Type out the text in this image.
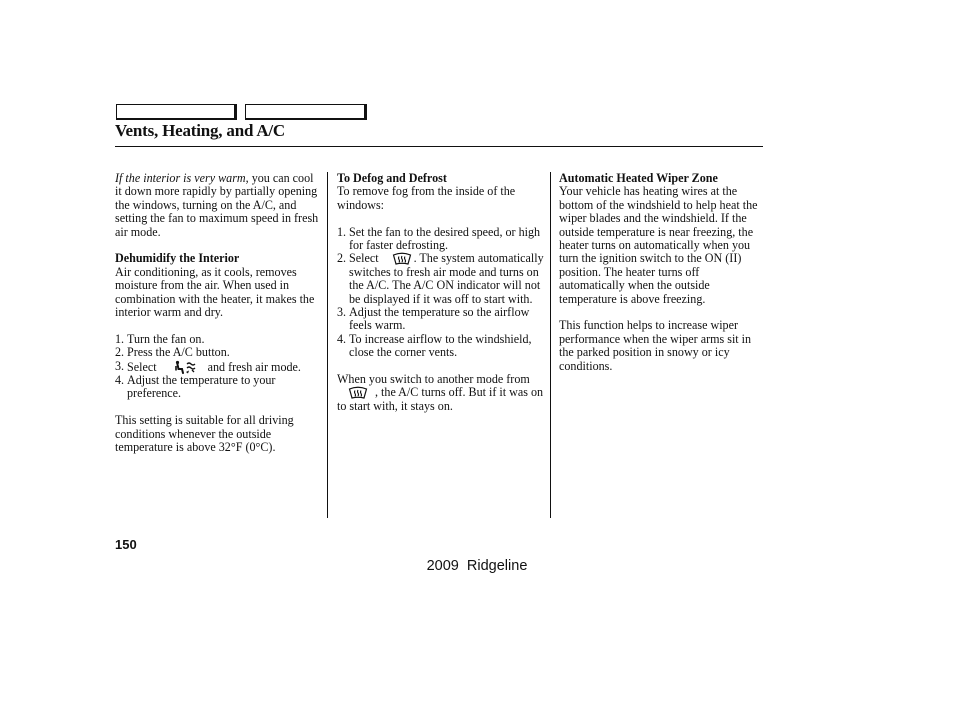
Vents, Heating, and A/C

If the interior is very warm, you can cool it down more rapidly by partially opening the windows, turning on the A/C, and setting the fan to maximum speed in fresh air mode.

Dehumidify the Interior

Air conditioning, as it cools, removes moisture from the air. When used in combination with the heater, it makes the interior warm and dry.

1. Turn the fan on.
2. Press the A/C button.
3. Select	and fresh air mode.
4. Adjust the temperature to your preference.

This setting is suitable for all driving conditions whenever the outside temperature is above 32°F (0°C).

To Defog and Defrost

To remove fog from the inside of the windows:

1. Set the fan to the desired speed, or high for faster defrosting.
2. Select	. The system automatically switches to fresh air mode and turns on the A/C. The A/C ON indicator will not be displayed if it was off to start with.
3. Adjust the temperature so the airflow feels warm.
4. To increase airflow to the windshield, close the corner vents.

When you switch to another mode from
, the A/C turns off. But if it was on to start with, it stays on.

Automatic Heated Wiper Zone

Your vehicle has heating wires at the bottom of the windshield to help heat the wiper blades and the windshield. If the outside temperature is near freezing, the heater turns on automatically when you turn the ignition switch to the ON (II) position. The heater turns off automatically when the outside temperature is above freezing.

This function helps to increase wiper performance when the wiper arms sit in the parked position in snowy or icy conditions.

150
2009  Ridgeline
